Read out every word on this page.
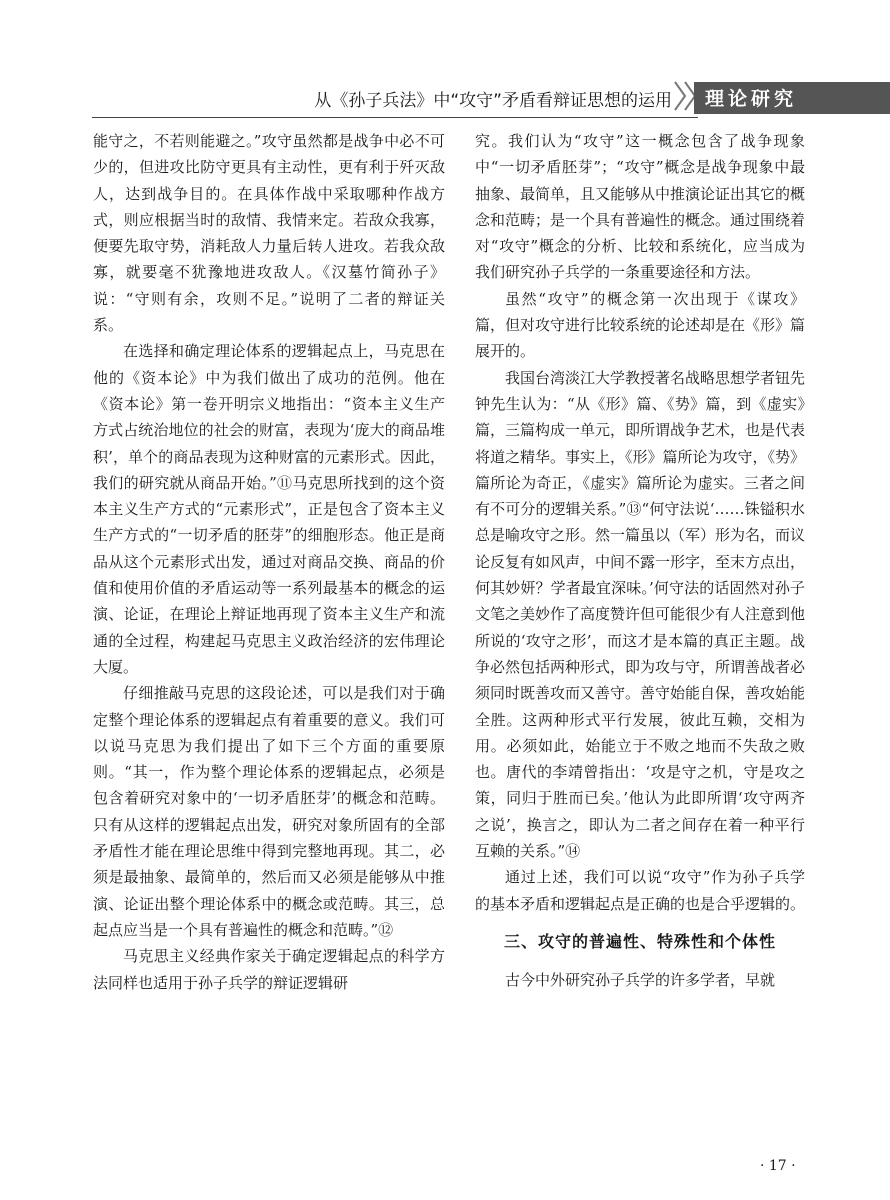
从《孙子兵法》中“攻守”矛盾看辩证思想的运用 理论研究

能守之，不若则能避之。”攻守虽然都是战争中必不可少的，但进攻比防守更具有主动性，更有利于歼灭敌人，达到战争目的。在具体作战中采取哪种作战方式，则应根据当时的敌情、我情来定。若敌众我寡，便要先取守势，消耗敌人力量后转人进攻。若我众敌寡，就要毫不犹豫地进攻敌人。《汉墓竹简孙子》说：“守则有余，攻则不足。”说明了二者的辩证关系。

在选择和确定理论体系的逻辑起点上，马克思在他的《资本论》中为我们做出了成功的范例。他在《资本论》第一卷开明宗义地指出：“资本主义生产方式占统治地位的社会的财富，表现为‘庞大的商品堆积’，单个的商品表现为这种财富的元素形式。因此，我们的研究就从商品开始。”⑪马克思所找到的这个资本主义生产方式的“元素形式”，正是包含了资本主义生产方式的“一切矛盾的胚芽”的细胞形态。他正是商品从这个元素形式出发，通过对商品交换、商品的价值和使用价值的矛盾运动等一系列最基本的概念的运演、论证，在理论上辩证地再现了资本主义生产和流通的全过程，构建起马克思主义政治经济的宏伟理论大厦。

仔细推敲马克思的这段论述，可以是我们对于确定整个理论体系的逻辑起点有着重要的意义。我们可以说马克思为我们提出了如下三个方面的重要原则。“其一，作为整个理论体系的逻辑起点，必须是包含着研究对象中的‘一切矛盾胚芽’的概念和范畴。只有从这样的逻辑起点出发，研究对象所固有的全部矛盾性才能在理论思维中得到完整地再现。其二，必须是最抽象、最简单的，然后而又必须是能够从中推演、论证出整个理论体系中的概念或范畴。其三，总起点应当是一个具有普遍性的概念和范畴。”⑫

马克思主义经典作家关于确定逻辑起点的科学方法同样也适用于孙子兵学的辩证逻辑研

究。我们认为“攻守”这一概念包含了战争现象中“一切矛盾胚芽”；“攻守”概念是战争现象中最抽象、最简单，且又能够从中推演论证出其它的概念和范畴；是一个具有普遍性的概念。通过围绕着对“攻守”概念的分析、比较和系统化，应当成为我们研究孙子兵学的一条重要途径和方法。

虽然“攻守”的概念第一次出现于《谋攻》篇，但对攻守进行比较系统的论述却是在《形》篇展开的。

我国台湾淡江大学教授著名战略思想学者钮先钟先生认为：“从《形》篇、《势》篇，到《虚实》篇，三篇构成一单元，即所谓战争艺术，也是代表将道之精华。事实上，《形》篇所论为攻守，《势》篇所论为奇正，《虚实》篇所论为虚实。三者之间有不可分的逻辑关系。”⑬“何守法说‘……铢镒积水总是喻攻守之形。然一篇虽以（军）形为名，而议论反复有如风声，中间不露一形字，至末方点出，何其妙妍？学者最宜深味。’何守法的话固然对孙子文笔之美妙作了高度赞许但可能很少有人注意到他所说的‘攻守之形’，而这才是本篇的真正主题。战争必然包括两种形式，即为攻与守，所谓善战者必须同时既善攻而又善守。善守始能自保，善攻始能全胜。这两种形式平行发展，彼此互赖，交相为用。必须如此，始能立于不败之地而不失敌之败也。唐代的李靖曾指出：‘攻是守之机，守是攻之策，同归于胜而已矣。’他认为此即所谓‘攻守两齐之说’，换言之，即认为二者之间存在着一种平行互赖的关系。”⑭

通过上述，我们可以说“攻守”作为孙子兵学的基本矛盾和逻辑起点是正确的也是合乎逻辑的。

三、攻守的普遍性、特殊性和个体性

古今中外研究孙子兵学的许多学者，早就

· 17 ·
